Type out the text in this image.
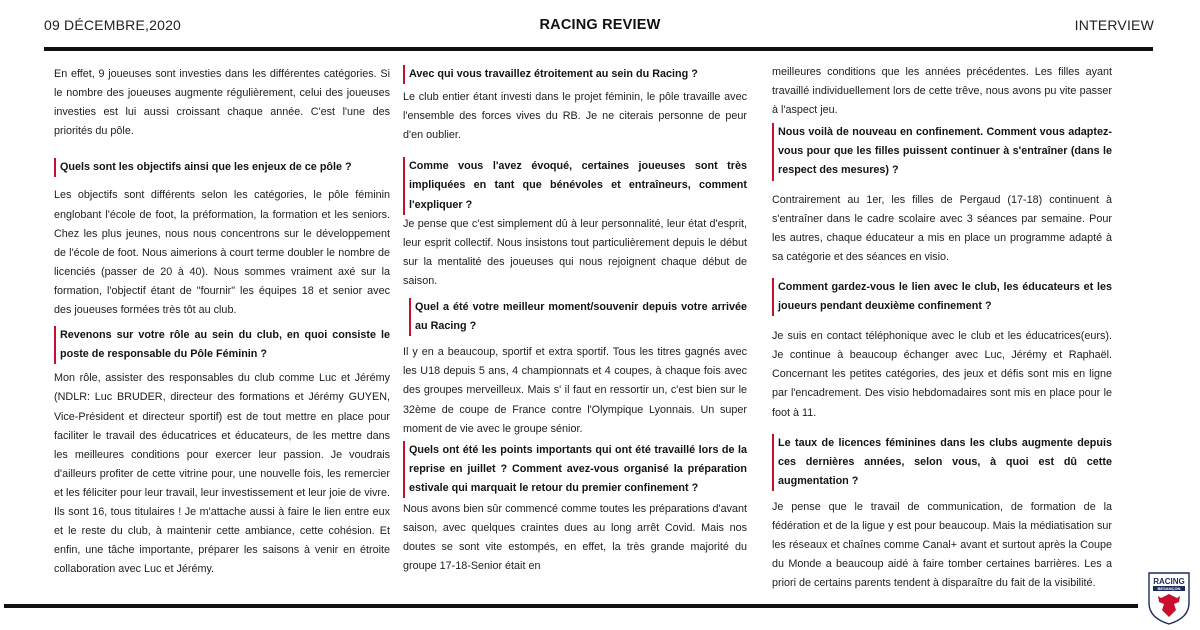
09 DÉCEMBRE,2020	RACING REVIEW	INTERVIEW

En effet, 9 joueuses sont investies dans les différentes catégories. Si le nombre des joueuses augmente régulièrement, celui des joueuses investies est lui aussi croissant chaque année. C'est l'une des priorités du pôle.

Quels sont les objectifs ainsi que les enjeux de ce pôle ?

Les objectifs sont différents selon les catégories, le pôle féminin englobant l'école de foot, la préformation, la formation et les seniors. Chez les plus jeunes, nous nous concentrons sur le développement de l'école de foot. Nous aimerions à court terme doubler le nombre de licenciés (passer de 20 à 40). Nous sommes vraiment axé sur la formation, l'objectif étant de "fournir" les équipes 18 et senior avec des joueuses formées très tôt au club.

Revenons sur votre rôle au sein du club, en quoi consiste le poste de responsable du Pôle Féminin ?

Mon rôle, assister des responsables du club comme Luc et Jérémy (NDLR: Luc BRUDER, directeur des formations et Jérémy GUYEN, Vice-Président et directeur sportif) est de tout mettre en place pour faciliter le travail des éducatrices et éducateurs, de les mettre dans les meilleures conditions pour exercer leur passion. Je voudrais d'ailleurs profiter de cette vitrine pour, une nouvelle fois, les remercier et les féliciter pour leur travail, leur investissement et leur joie de vivre. Ils sont 16, tous titulaires ! Je m'attache aussi à faire le lien entre eux et le reste du club, à maintenir cette ambiance, cette cohésion. Et enfin, une tâche importante, préparer les saisons à venir en étroite collaboration avec Luc et Jérémy.

Avec qui vous travaillez étroitement au sein du Racing ?

Le club entier étant investi dans le projet féminin, le pôle travaille avec l'ensemble des forces vives du RB. Je ne citerais personne de peur d'en oublier.

Comme vous l'avez évoqué, certaines joueuses sont très impliquées en tant que bénévoles et entraîneurs, comment l'expliquer ?

Je pense que c'est simplement dû à leur personnalité, leur état d'esprit, leur esprit collectif. Nous insistons tout particulièrement depuis le début sur la mentalité des joueuses qui nous rejoignent chaque début de saison.

Quel a été votre meilleur moment/souvenir depuis votre arrivée au Racing ?

Il y en a beaucoup, sportif et extra sportif. Tous les titres gagnés avec les U18 depuis 5 ans, 4 championnats et 4 coupes, à chaque fois avec des groupes merveilleux. Mais s' il faut en ressortir un, c'est bien sur le 32ème de coupe de France contre l'Olympique Lyonnais. Un super moment de vie avec le groupe sénior.

Quels ont été les points importants qui ont été travaillé lors de la reprise en juillet ? Comment avez-vous organisé la préparation estivale qui marquait le retour du premier confinement ?

Nous avons bien sûr commencé comme toutes les préparations d'avant saison, avec quelques craintes dues au long arrêt Covid. Mais nos doutes se sont vite estompés, en effet, la très grande majorité du groupe 17-18-Senior était en

meilleures conditions que les années précédentes. Les filles ayant travaillé individuellement lors de cette trêve, nous avons pu vite passer à l'aspect jeu.

Nous voilà de nouveau en confinement. Comment vous adaptez-vous pour que les filles puissent continuer à s'entraîner (dans le respect des mesures) ?

Contrairement au 1er, les filles de Pergaud (17-18) continuent à s'entraîner dans le cadre scolaire avec 3 séances par semaine. Pour les autres, chaque éducateur a mis en place un programme adapté à sa catégorie et des séances en visio.

Comment gardez-vous le lien avec le club, les éducateurs et les joueurs pendant deuxième confinement ?

Je suis en contact téléphonique avec le club et les éducatrices(eurs). Je continue à beaucoup échanger avec Luc, Jérémy et Raphaël. Concernant les petites catégories, des jeux et défis sont mis en ligne par l'encadrement. Des visio hebdomadaires sont mis en place pour le foot à 11.

Le taux de licences féminines dans les clubs augmente depuis ces dernières années, selon vous, à quoi est dû cette augmentation ?

Je pense que le travail de communication, de formation de la fédération et de la ligue y est pour beaucoup. Mais la médiatisation sur les réseaux et chaînes comme Canal+ avant et surtout après la Coupe du Monde a beaucoup aidé à faire tomber certaines barrières. Les a priori de certains parents tendent à disparaître du fait de la visibilité.	RACING
BESANÇON
